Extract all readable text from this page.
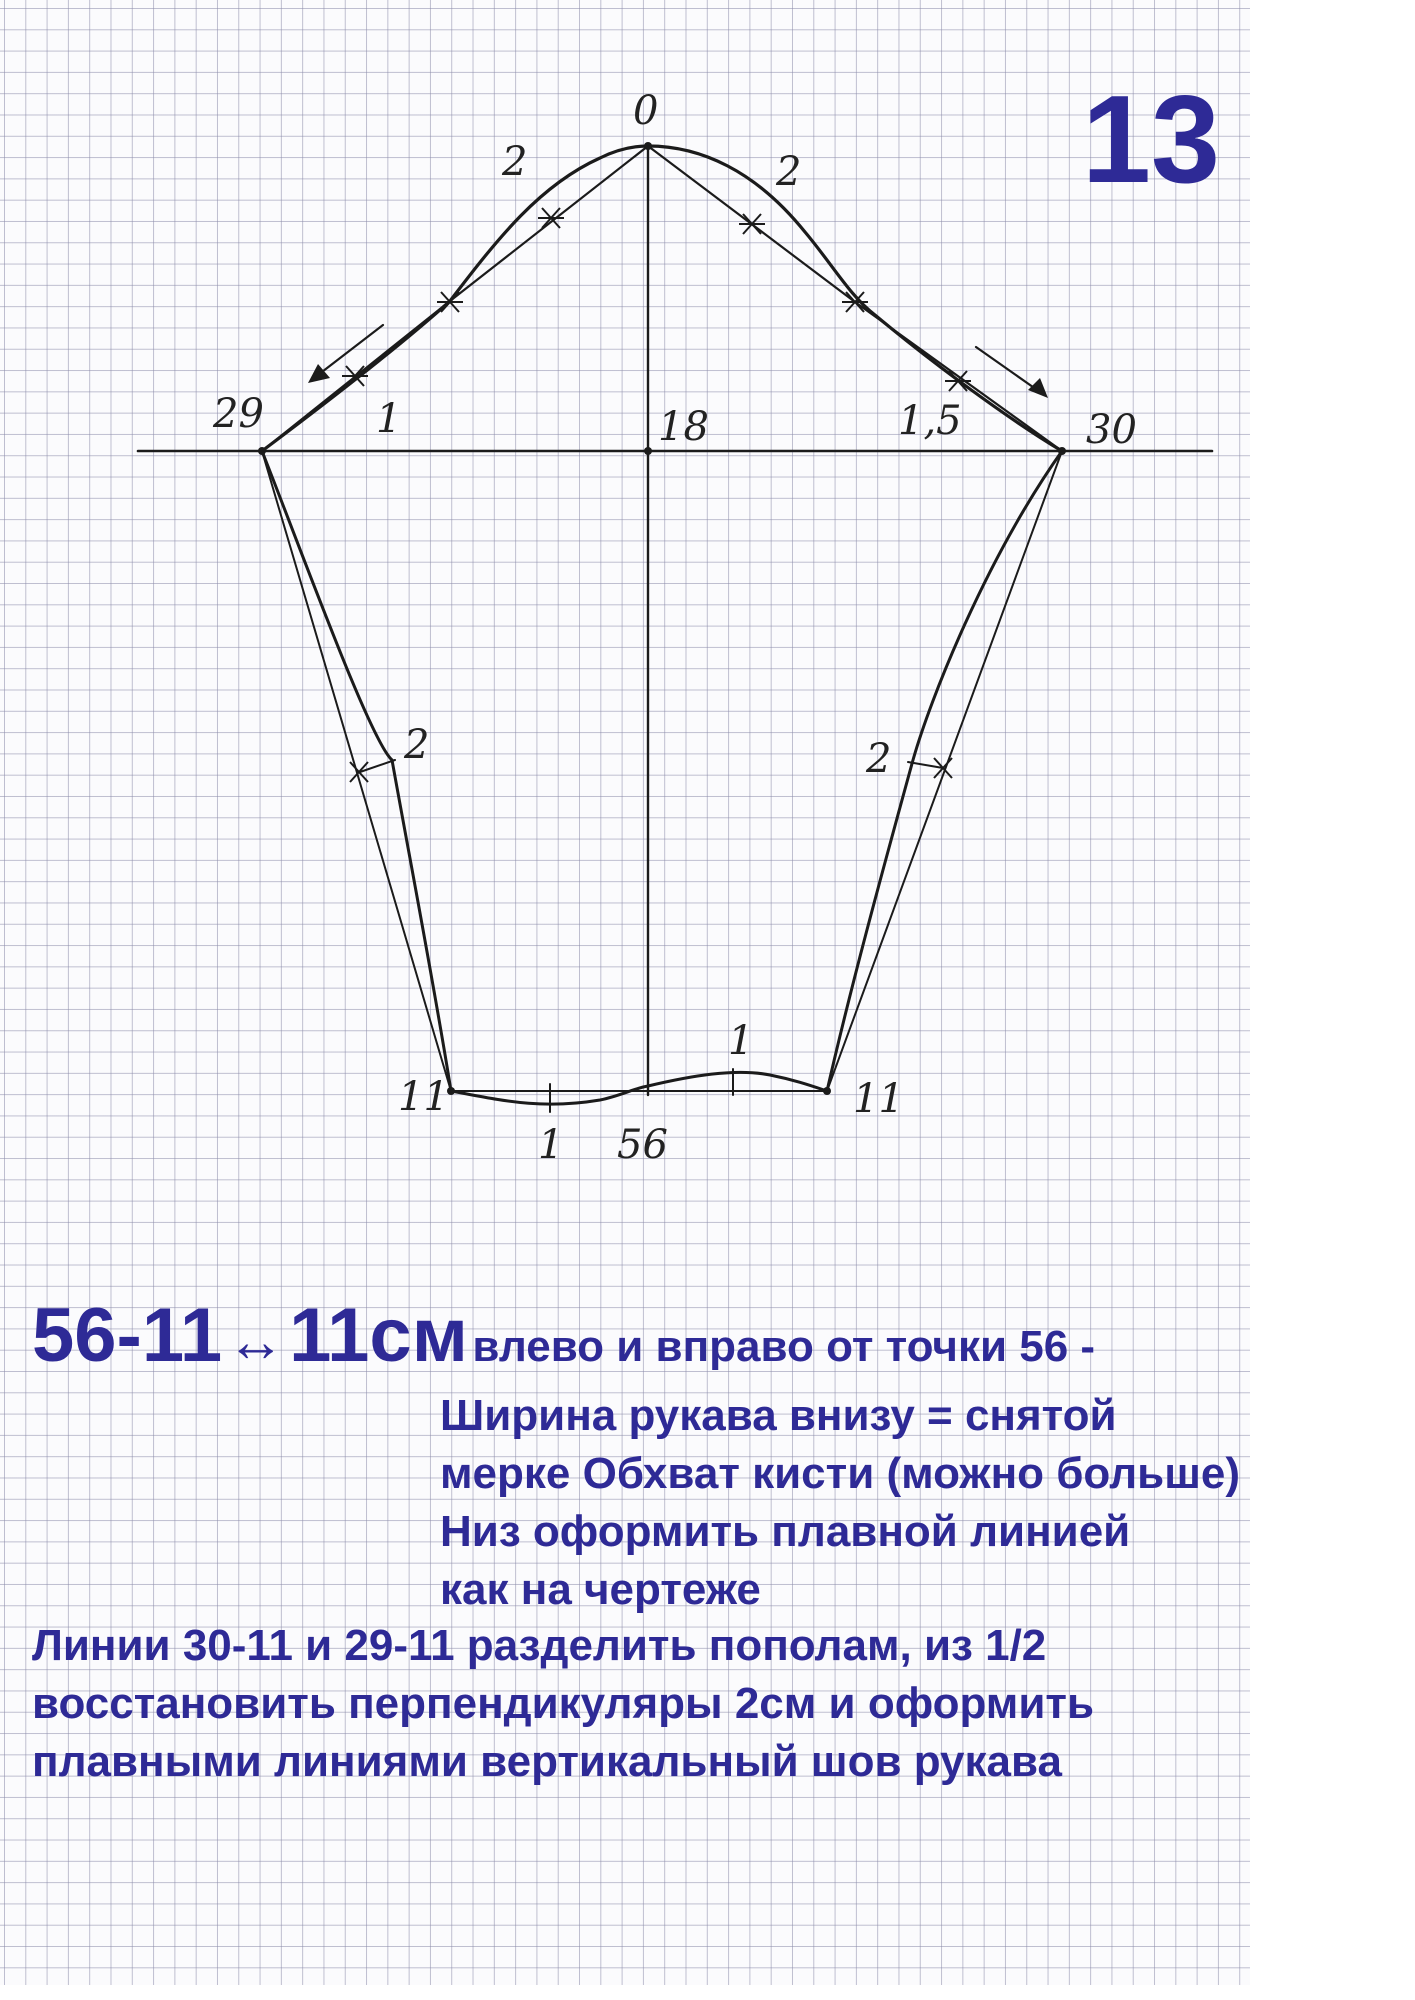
0
29	30
18
56
11	11
2	2
1	1,5
2	2
1
1
13
56-11 ↔ 11см влево и вправо от точки 56 -
Ширина рукава внизу = снятой
мерке Обхват кисти (можно больше)
Низ оформить плавной линией
как на чертеже
Линии 30-11 и 29-11 разделить пополам, из 1/2
восстановить перпендикуляры 2см и оформить
плавными линиями вертикальный шов рукава
